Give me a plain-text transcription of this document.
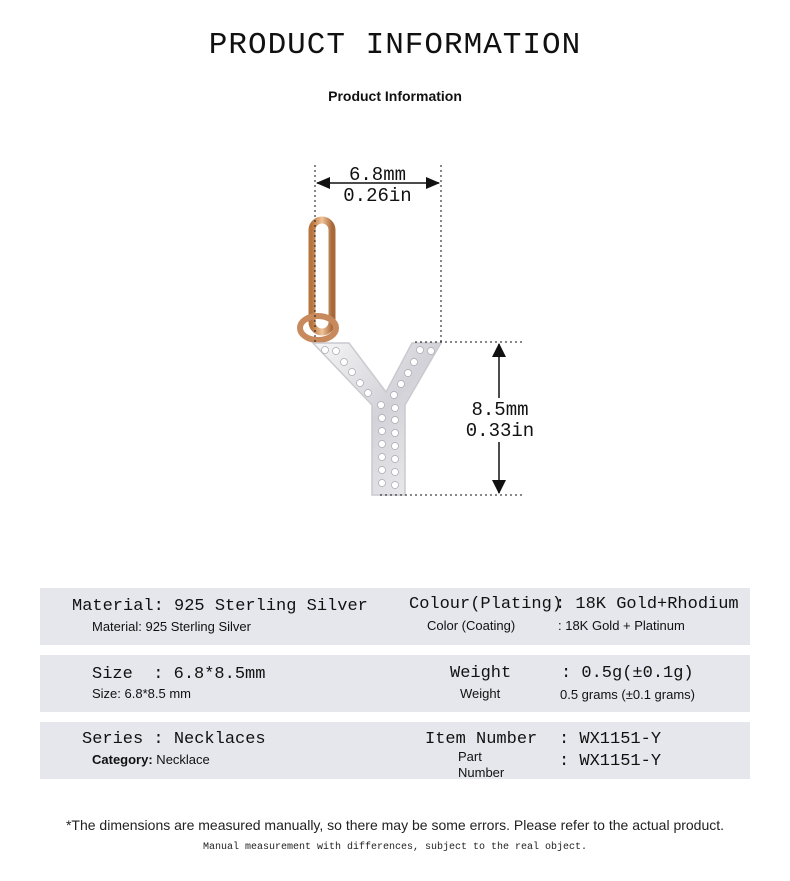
PRODUCT INFORMATION
Product Information
6.8mm
0.26in
8.5mm
0.33in
Material: 925 Sterling Silver
Material: 925 Sterling Silver
Colour(Plating)
: 18K Gold+Rhodium
Color (Coating)	: 18K Gold + Platinum
Size  : 6.8*8.5mm
Size: 6.8*8.5 mm
Weight	: 0.5g(±0.1g)
Weight	0.5 grams (±0.1 grams)
Series : Necklaces
Category: Necklace
Item Number : WX1151-Y
Part
Number
: WX1151-Y
*The dimensions are measured manually, so there may be some errors. Please refer to the actual product.
Manual measurement with differences, subject to the real object.
